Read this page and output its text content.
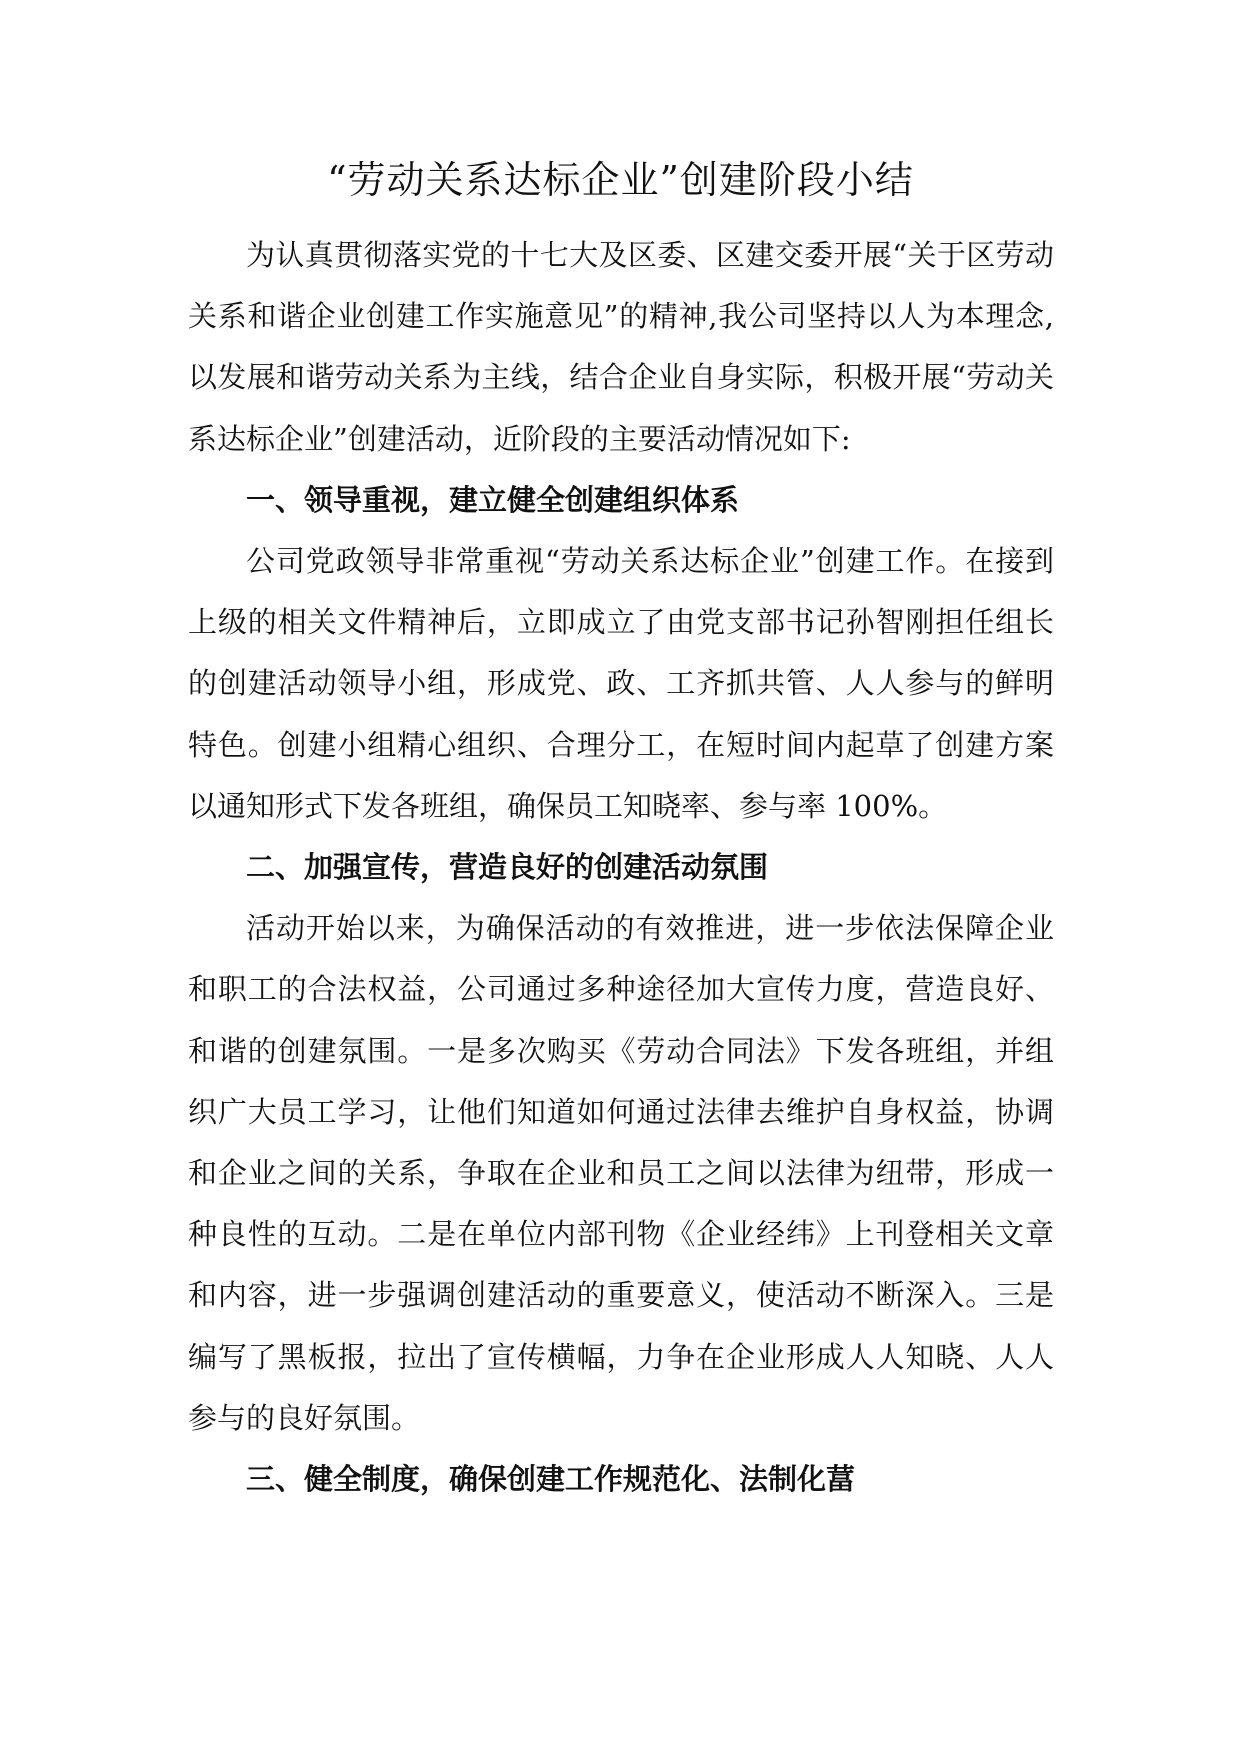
“劳动关系达标企业”创建阶段小结

为认真贯彻落实党的十七大及区委、区建交委开展“关于区劳动关系和谐企业创建工作实施意见”的精神,我公司坚持以人为本理念,以发展和谐劳动关系为主线，结合企业自身实际，积极开展“劳动关系达标企业”创建活动，近阶段的主要活动情况如下:

一、领导重视，建立健全创建组织体系

公司党政领导非常重视“劳动关系达标企业”创建工作。在接到上级的相关文件精神后，立即成立了由党支部书记孙智刚担任组长的创建活动领导小组，形成党、政、工齐抓共管、人人参与的鲜明特色。创建小组精心组织、合理分工，在短时间内起草了创建方案以通知形式下发各班组，确保员工知晓率、参与率 100%。

二、加强宣传，营造良好的创建活动氛围

活动开始以来，为确保活动的有效推进，进一步依法保障企业和职工的合法权益，公司通过多种途径加大宣传力度，营造良好、和谐的创建氛围。一是多次购买《劳动合同法》下发各班组，并组织广大员工学习，让他们知道如何通过法律去维护自身权益，协调和企业之间的关系，争取在企业和员工之间以法律为纽带，形成一种良性的互动。二是在单位内部刊物《企业经纬》上刊登相关文章和内容，进一步强调创建活动的重要意义，使活动不断深入。三是编写了黑板报，拉出了宣传横幅，力争在企业形成人人知晓、人人参与的良好氛围。

三、健全制度，确保创建工作规范化、法制化葍
